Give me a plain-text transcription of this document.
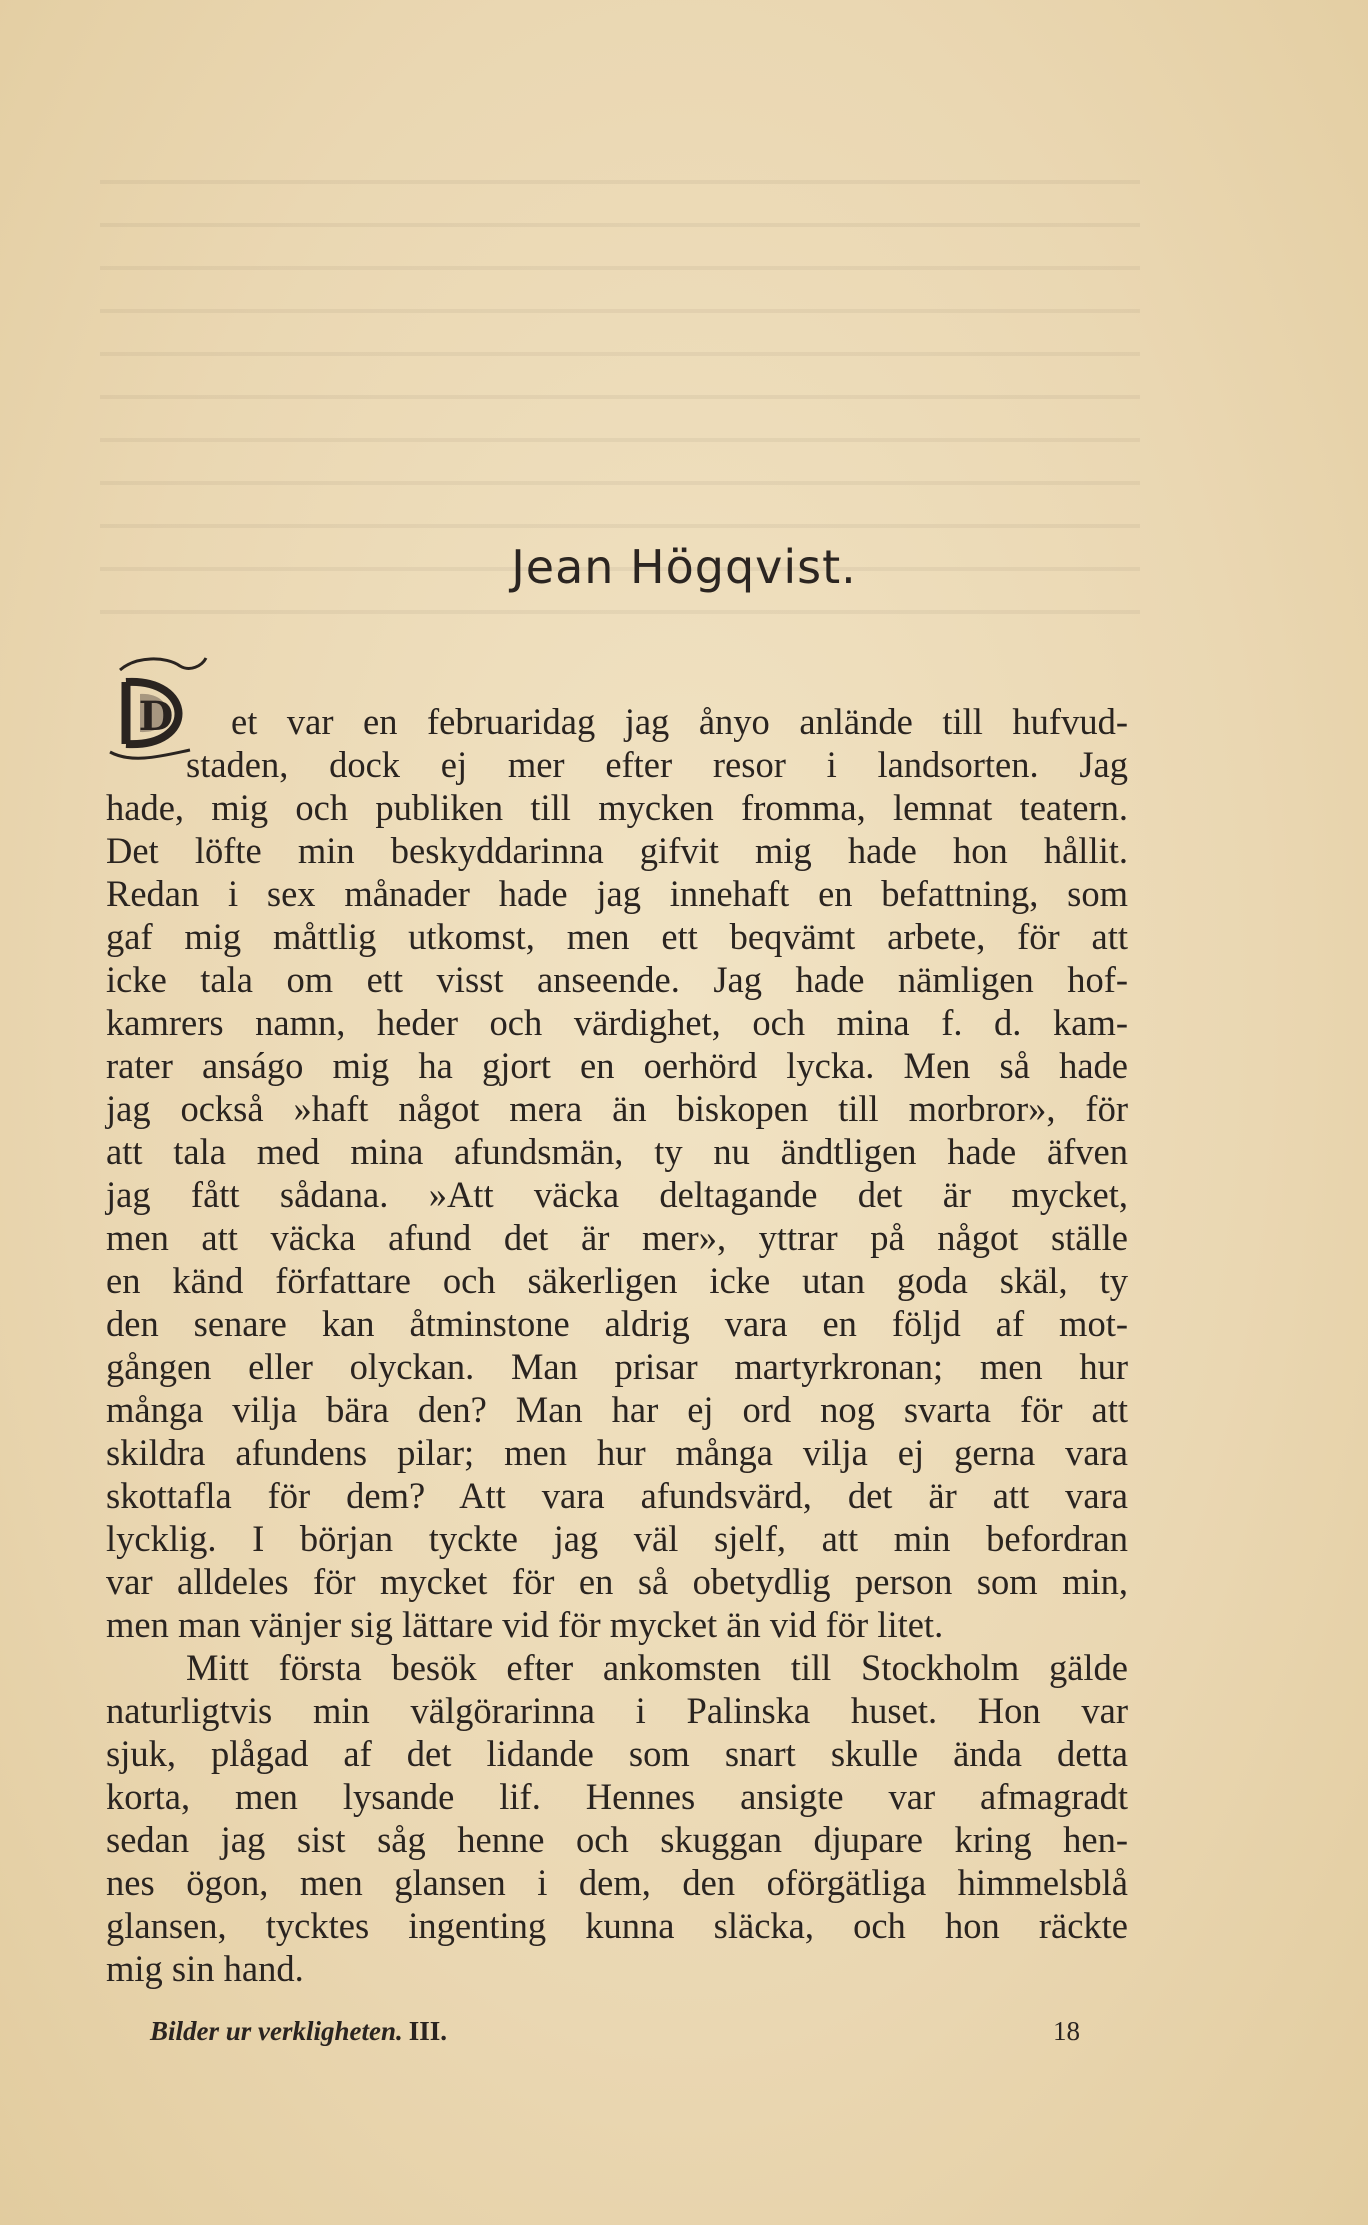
Jean Högqvist.
D	et var en februaridag jag ånyo anlände till hufvud-
staden, dock ej mer efter resor i landsorten. Jag
hade, mig och publiken till mycken fromma, lemnat teatern.
Det löfte min beskyddarinna gifvit mig hade hon hållit.
Redan i sex månader hade jag innehaft en befattning, som
gaf mig måttlig utkomst, men ett beqvämt arbete, för att
icke tala om ett visst anseende. Jag hade nämligen hof-
kamrers namn, heder och värdighet, och mina f. d. kam-
rater anságo mig ha gjort en oerhörd lycka. Men så hade
jag också »haft något mera än biskopen till morbror», för
att tala med mina afundsmän, ty nu ändtligen hade äfven
jag fått sådana. »Att väcka deltagande det är mycket,
men att väcka afund det är mer», yttrar på något ställe
en känd författare och säkerligen icke utan goda skäl, ty
den senare kan åtminstone aldrig vara en följd af mot-
gången eller olyckan. Man prisar martyrkronan; men hur
många vilja bära den? Man har ej ord nog svarta för att
skildra afundens pilar; men hur många vilja ej gerna vara
skottafla för dem? Att vara afundsvärd, det är att vara
lycklig. I början tyckte jag väl sjelf, att min befordran
var alldeles för mycket för en så obetydlig person som min,
men man vänjer sig lättare vid för mycket än vid för litet.
Mitt första besök efter ankomsten till Stockholm gälde
naturligtvis min välgörarinna i Palinska huset. Hon var
sjuk, plågad af det lidande som snart skulle ända detta
korta, men lysande lif. Hennes ansigte var afmagradt
sedan jag sist såg henne och skuggan djupare kring hen-
nes ögon, men glansen i dem, den oförgätliga himmelsblå
glansen, tycktes ingenting kunna släcka, och hon räckte
mig sin hand.
Bilder ur verkligheten. III.	18
